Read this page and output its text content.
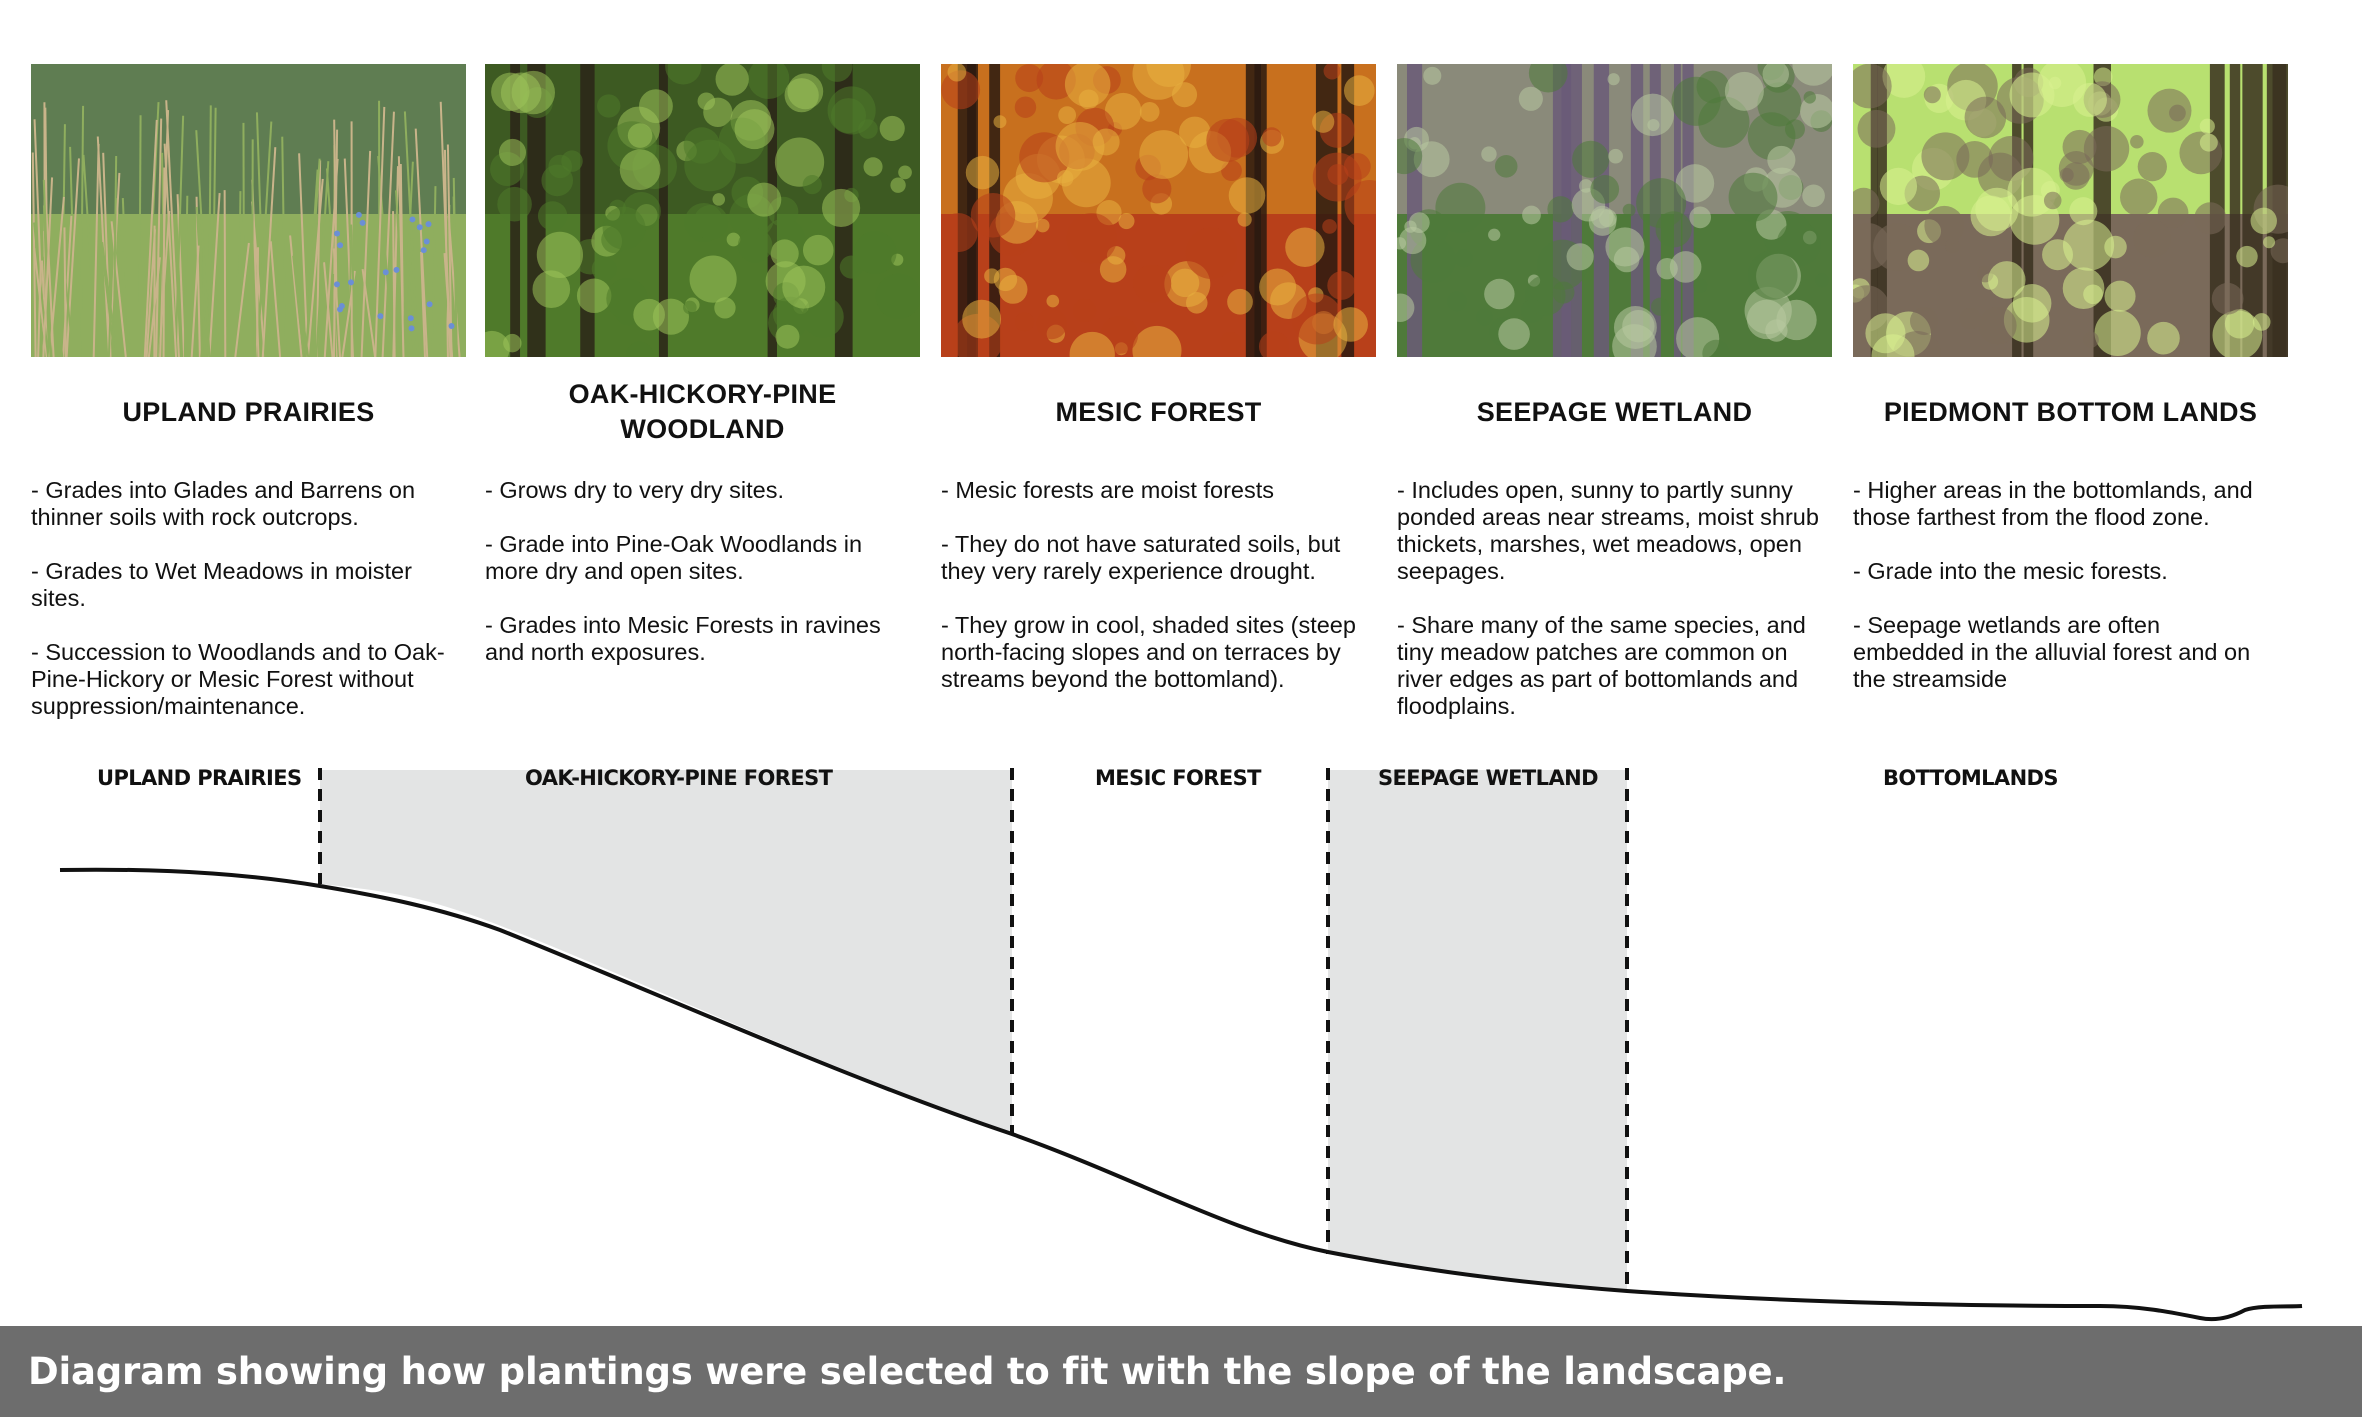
UPLAND PRAIRIES

- Grades into Glades and Barrens on
thinner soils with rock outcrops.

- Grades to Wet Meadows in moister
sites.

- Succession to Woodlands and to Oak-
Pine-Hickory or Mesic Forest without
suppression/maintenance.

OAK-HICKORY-PINE WOODLAND

- Grows dry to very dry sites.

- Grade into Pine-Oak Woodlands in
more dry and open sites.

- Grades into Mesic Forests in ravines
and north exposures.

MESIC FOREST

- Mesic forests are moist forests

- They do not have saturated soils, but
they very rarely experience drought.

- They grow in cool, shaded sites (steep
north-facing slopes and on terraces by
streams beyond the bottomland).

SEEPAGE WETLAND

- Includes open, sunny to partly sunny
ponded areas near streams, moist shrub
thickets, marshes, wet meadows, open
seepages.

- Share many of the same species, and
tiny meadow patches are common on
river edges as part of bottomlands and
floodplains.

PIEDMONT BOTTOM LANDS

- Higher areas in the bottomlands, and
those farthest from the flood zone.

- Grade into the mesic forests.

- Seepage wetlands are often
embedded in the alluvial forest and on
the streamside

UPLAND PRAIRIES	OAK-HICKORY-PINE FOREST	MESIC FOREST	SEEPAGE WETLAND	BOTTOMLANDS
Diagram showing how plantings were selected to fit with the slope of the landscape.
